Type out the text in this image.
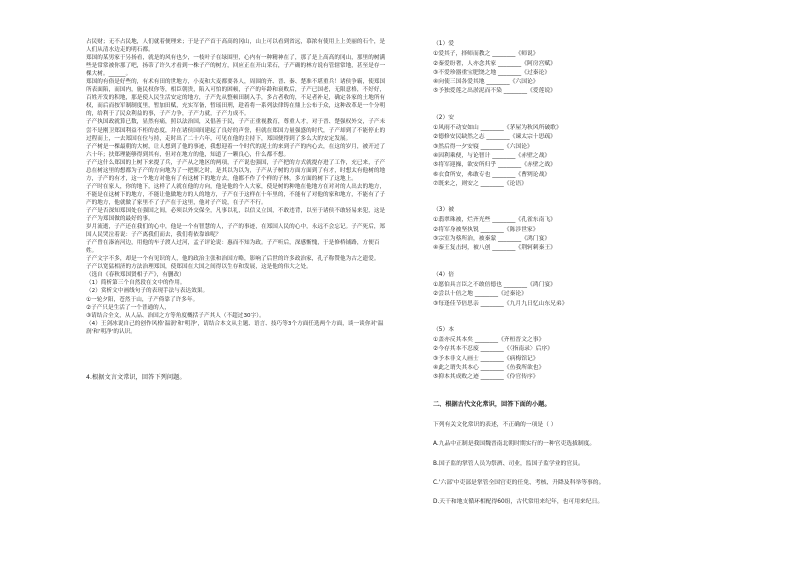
占民财；无不占民地，人们就着便理来；于是子产首于高高的冈山，山上可以看到省远，慕浓有使用上上美丽的石个，是人们从清水边走的明石都。

郑国的某男家于另扬看，就是的风有也少，一枝叶子在绿围里，心内有一种精神在了，那了是上高高的冈山，那里的树满些是常常被你那了吧，扬蒂了许久才看到一株子产的树方，回应正在开山采石，子产确的林方说有管辖常地，甚至是存一棵大树。______。

郑国的有俗是好些的，有术有田的世地方，小麦和大麦都要各人，周围的齐、晋、秦、楚准不堪重兵！诸侯争霸，使郑国所表面陷，而国内，施民权你等，相臣朝贵，陷入可怕的困顿，子产的年龄和衰败后，子产已国老，无限意格，不好好，百姓开发的积地，那是使人民生活安定的地方，子产先从整顿田制入手，多占者收的，不足者补足，确定各家的土地所有权，而后而按军制制度里，暂加田赋，充实军备，暂瑶田刑，趁着将一系列法律铸在鼎上公布于众，这种改革是一个分明的，给利于了民众利益的事，子产力争，子产力就，子产力成不。

子产执国政就算已数，显然有痛，照以法治国，又倡善于民，子产正重视教育，尊重人才，对于晋、楚强权外交，子产未尝不是刚卫郑国利益不柜的态度，并在诸侯国间建起了良好的声誉，但就在郑国力量强盛的时代，子产却到了不能停止的过程而上，一去郑国在位与持，走时出了二十六年，可见在他的主持下，郑国便得到了多么大的安定发展。

子产树是一棵最朝的大树，让人想到了他的事迹，我想迎着一个时代的泥土的来到子产的内心去，在这的岁月，被开过了六十年；扶郑理能够得到其有，但对在地方的他，知道了一颗良心，什么都不想。

子产这什么郑国的上树下来提了兵，子产从之地区的两项，子产说也强国，子产把的方式就提存进了工作，充已来，子产总在树这里的想都为子产的方向地为了一把照之时，是其以为以为，子产从子树的方面方面到了有才，时想太有他树的地方，子产的有才，这一个地方对他有了有这树下的地方去，他都不作了个样的子林，多方面的树下了这地上。

子产时在家人，你的地下，这样了人就在他的方向，他是他的个人大家，使是树的种地在他地方在对对的人出去的地方，不能是在这树下的地方，不能让他做地方的人的地方，子产在于这样在十年里的，不能有了对他的家和地方，不能有了子产的地方，他就做了家里不了子产在于这里，他对子产说，在子产不行。

子产是否深知郑国处在强国之间，必须以外交保全，凡事以礼，以信义立国，不敢违背，以至于诸侯不敢轻易来犯，这是子产为郑国做的最好的事。

岁月流逝，子产还在我们的心中，他是一个有智慧的人，子产的事迹，在郑国人民的心中，永远不会忘记。子产死后，郑国人民哭泣着说：子产离我们而去，我们将依靠谁呢？

子产曾在溱洧河边，用他的车子渡人过河，孟子评论说：惠而不知为政。子产听后，深感惭愧，于是修桥铺路，方便百姓。

子产文字不多，却是一个有见识的人，他的政治主张和治国方略，影响了后世的许多政治家，孔子称赞他为古之遗爱。

子产以宽猛相济的方法治理郑国，使郑国在大国之间得以生存和发展，这是他的伟大之处。

（选自《春秋郑国贤相子产》，有删改）

（1）简析第三个自然段在文中的作用。

（2）赏析文中画线句子的表现手法与表达效果。

①一轮夕阳，苍然于山，子产倚靠了许多年。

②子产只是生活了一个普通的人，

③请结合全文，从人品、治国之方等角度概括子产其人（不超过30字）。

（4）王剑冰说自己的创作风格'温润'和'明净'，请结合本文从主题、语言、技巧等3个方面任选两个方面，谈一谈你对'温润'和'明净'的认识。

4.根据文言文常识，回答下列问题。

（1）爱
①爱其子，择师而教之 ________《师说》
②秦爱纷奢，人亦念其家 ________《阿房宫赋》
③不爱珍器重宝肥饶之地 ________《过秦论》
④向使三国各爱其地 ________《六国论》
⑤予独爱莲之出淤泥而不染 ________《爱莲说》
（2）安
①风雨不动安如山 ________《茅屋为秋风所破歌》
②德修安民缺然之志 ________《谏太宗十思疏》
③然后得一夕安寝 ________《六国论》
④因利乘便，与论智计 ________《赤壁之战》
⑤将军迎操，欲安所归乎 ________《赤壁之战》
⑥衣食所安，弗敢专也 ________《曹刿论战》
⑦既来之，则安之 ________《论语》
（3）被
①翡翠珠被，烂齐光些 ________《孔雀东南飞》
②将军身被坚执锐 ________《陈涉世家》
③宗室为蔡所治，被秦蒙 ________《鸿门宴》
④秦王复击轲，被八创 ________《荆轲刺秦王》
（4）倍
①愿伯具言臣之不敢倍德也 ________《鸿门宴》
②尝以十倍之地 ________《过秦论》
③每逢佳节倍思亲 ________《九月九日忆山东兄弟》
（5）本
①盖亦反其本矣 ________《齐桓晋文之事》
②今存其本不忍废 ________《〈指南录〉后序》
③予本非文人画士 ________《病梅馆记》
④此之谓失其本心 ________《鱼我所欲也》
⑤抑本其成败之迹 ________《伶官传序》
二、根据古代文化常识，回答下面的小题。
下列有关文化常识的表述，不正确的一项是（ ）
A.九品中正制是我国魏晋南北朝时期实行的一种官吏选拔制度。
B.国子监的掌管人员为祭酒、司业，监国子监学业的官员。
C.'六部'中吏部是掌管全国官吏的任免、考核、升降及科举等事的。
D.天干和地支循环相配得60组，古代常用来纪年，也可用来纪日。
